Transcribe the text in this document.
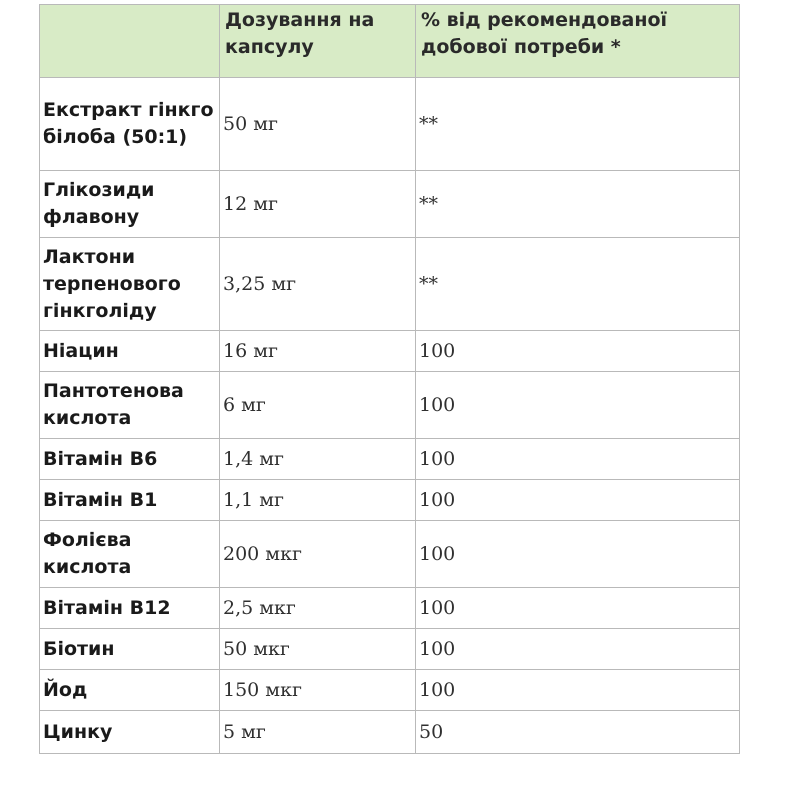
	Дозування на капсулу	% від рекомендованої добової потреби *
Екстракт гінкго білоба (50:1)	50 мг	**
Глікозиди флавону	12 мг	**
Лактони терпенового гінкголіду	3,25 мг	**
Ніацин	16 мг	100
Пантотенова кислота	6 мг	100
Вітамін В6	1,4 мг	100
Вітамін В1	1,1 мг	100
Фолієва кислота	200 мкг	100
Вітамін В12	2,5 мкг	100
Біотин	50 мкг	100
Йод	150 мкг	100
Цинку	5 мг	50
